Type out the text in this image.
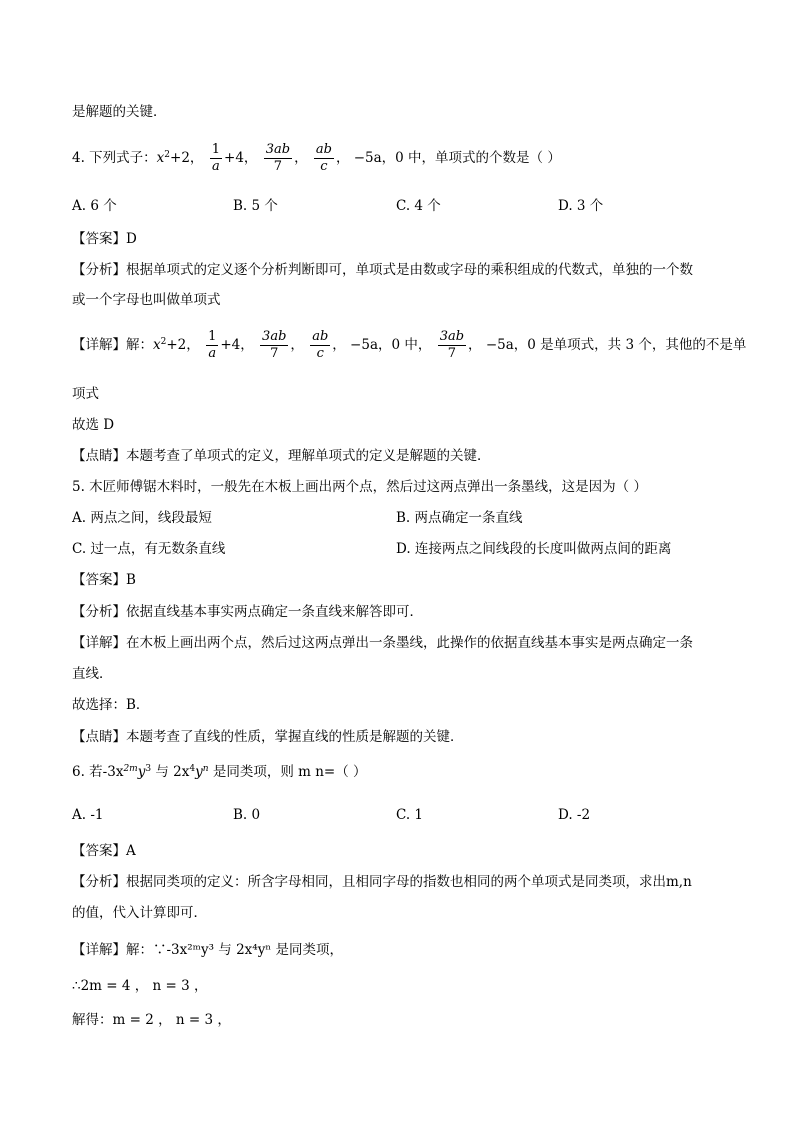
是解题的关键．
4. 下列式子：$x^2+2$， $\frac{1}{a} +4$， $\frac{3ab}{7}$ ， $\frac{ab}{c}$ ， −5a，0 中，单项式的个数是（ ）
A. 6 个	B. 5 个	C. 4 个	D. 3 个
【答案】D
【分析】根据单项式的定义逐个分析判断即可，单项式是由数或字母的乘积组成的代数式，单独的一个数
或一个字母也叫做单项式
【详解】解：$x^2+2$， $\frac{1}{a} +4$， $\frac{3ab}{7}$ ， $\frac{ab}{c}$ ， −5a，0 中， $\frac{3ab}{7}$ ， −5a，0 是单项式，共 3 个，其他的不是单
项式
故选 D
【点睛】本题考查了单项式的定义，理解单项式的定义是解题的关键．
5. 木匠师傅锯木料时，一般先在木板上画出两个点，然后过这两点弹出一条墨线，这是因为（ ）
A. 两点之间，线段最短	B. 两点确定一条直线
C. 过一点，有无数条直线	D. 连接两点之间线段的长度叫做两点间的距离
【答案】B
【分析】依据直线基本事实两点确定一条直线来解答即可．
【详解】在木板上画出两个点，然后过这两点弹出一条墨线，此操作的依据直线基本事实是两点确定一条
直线．
故选择：B．
【点睛】本题考查了直线的性质，掌握直线的性质是解题的关键．
6. 若$-3x^{2m}y^3$ 与 $2x^4y^n$ 是同类项，则 m n=（ ）
A. -1	B. 0	C. 1	D. -2
【答案】A
【分析】根据同类项的定义：所含字母相同，且相同字母的指数也相同的两个单项式是同类项，求出m,n
的值，代入计算即可．
【详解】解：∵-3x²ᵐy³ 与 2x⁴yⁿ 是同类项，
∴2m = 4 ， n = 3 ，
解得：m = 2 ， n = 3 ，
